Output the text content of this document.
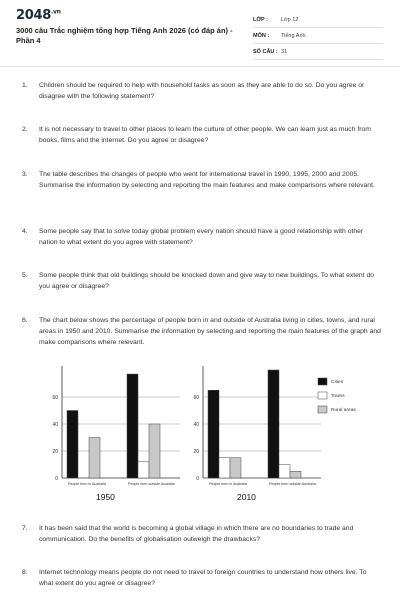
$2048^{.vn}$
3000 câu Trắc nghiệm tổng hợp Tiếng Anh 2026 (có đáp án) - Phần 4
LỚP :	Lớp 12
MÔN :	Tiếng Anh
SỐ CÂU : 31
1. Children should be required to help with household tasks as soon as they are able to do so. Do you agree or disagree with the following statement?
2. It is not necessary to travel to other places to learn the culture of other people. We can learn just as much from books, films and the internet. Do you agree or disagree?
3. The table describes the changes of people who went for international travel in 1990, 1995, 2000 and 2005. Summarise the information by selecting and reporting the main features and make comparisons where relevant.
4. Some people say that to solve today global problem every nation should have a good relationship with other nation to what extent do you agree with statement?
5. Some people think that old buildings should be knocked down and give way to new buildings. To what extent do you agree or disagree?
6. The chart below shows the percentage of people born in and outside of Australia living in cities, towns, and rural areas in 1950 and 2010. Summarise the information by selecting and reporting the main features of the graph and make comparisons where relevant.
0
20
40
60
People born in Australia	People born outside Australia
1950
0
20
40
60
People born in Australia	People born outside Australia
2010
Cities
Towns
Rural areas
7. It has been said that the world is becoming a global village in which there are no boundaries to trade and communication. Do the benefits of globalisation outweigh the drawbacks?
8. Internet technology means people do not need to travel to foreign countries to understand how others live. To what extent do you agree or disagree?
